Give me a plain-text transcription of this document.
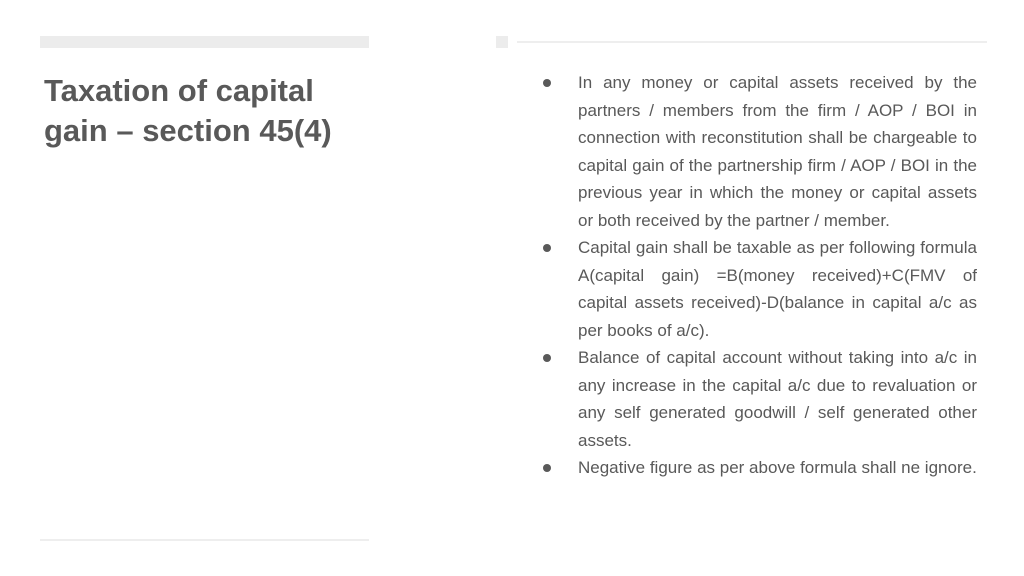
Taxation of capital gain – section 45(4)
In any money or capital assets received by the partners / members from the firm / AOP / BOI in connection with reconstitution shall be chargeable to capital gain of the partnership firm / AOP / BOI in the previous year in which the money or capital assets or both received by the partner / member.
Capital gain shall be taxable as per following formula A(capital gain) =B(money received)+C(FMV of capital assets received)-D(balance in capital a/c as per books of a/c).
Balance of capital account without taking into a/c in any increase in the capital a/c due to revaluation or any self generated goodwill / self generated other assets.
Negative figure as per above formula shall ne ignore.
